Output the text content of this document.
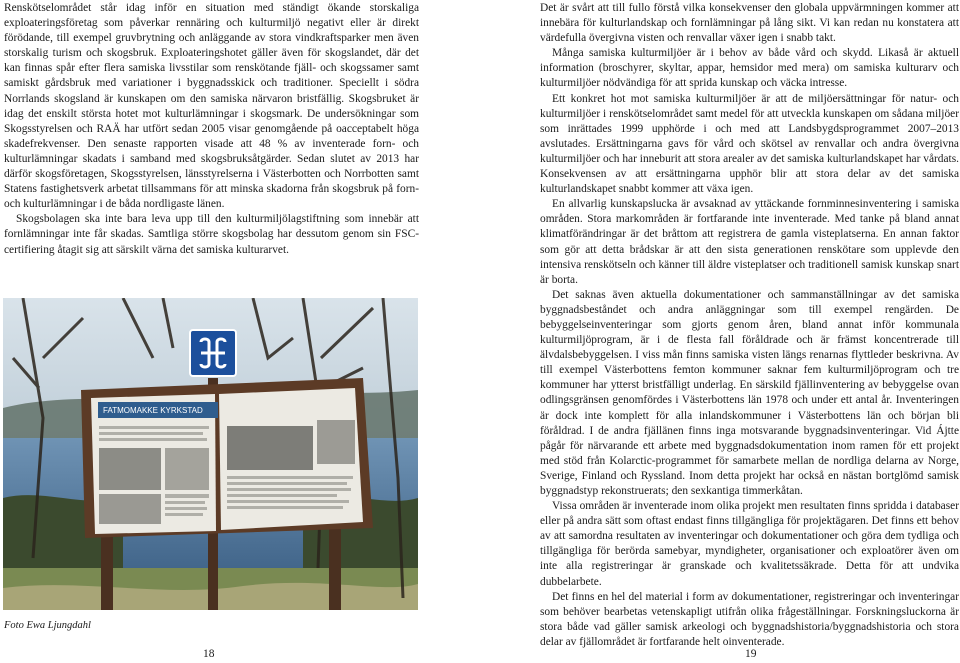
Renskötselområdet står idag inför en situation med ständigt ökande storskaliga exploateringsföretag som påverkar rennäring och kulturmiljö negativt eller är direkt förödande, till exempel gruvbrytning och anläggande av stora vindkraftsparker men även storskalig turism och skogsbruk. Exploateringshotet gäller även för skogslandet, där det kan finnas spår efter flera samiska livsstilar som renskötande fjäll- och skogssamer samt samiskt gårdsbruk med variationer i byggnadsskick och traditioner. Speciellt i södra Norrlands skogsland är kunskapen om den samiska närvaron bristfällig. Skogsbruket är idag det enskilt största hotet mot kulturlämningar i skogsmark. De undersökningar som Skogsstyrelsen och RAÄ har utfört sedan 2005 visar genomgående på oacceptabelt höga skadefrekvenser. Den senaste rapporten visade att 48 % av inventerade forn- och kulturlämningar skadats i samband med skogsbruksåtgärder. Sedan slutet av 2013 har därför skogsföretagen, Skogsstyrelsen, länsstyrelserna i Västerbotten och Norrbotten samt Statens fastighetsverk arbetat tillsammans för att minska skadorna från skogsbruk på forn- och kulturlämningar i de båda nordligaste länen.

Skogsbolagen ska inte bara leva upp till den kulturmiljölagstiftning som innebär att fornlämningar inte får skadas. Samtliga större skogsbolag har dessutom genom sin FSC-certifiering åtagit sig att särskilt värna det samiska kulturarvet.

FATMOMAKKE KYRKSTAD
Foto Ewa Ljungdahl
18

Det är svårt att till fullo förstå vilka konsekvenser den globala uppvärmningen kommer att innebära för kulturlandskap och fornlämningar på lång sikt. Vi kan redan nu konstatera att värdefulla övergivna visten och renvallar växer igen i snabb takt.

Många samiska kulturmiljöer är i behov av både vård och skydd. Likaså är aktuell information (broschyrer, skyltar, appar, hemsidor med mera) om samiska kulturarv och kulturmiljöer nödvändiga för att sprida kunskap och väcka intresse.

Ett konkret hot mot samiska kulturmiljöer är att de miljöersättningar för natur- och kulturmiljöer i renskötselområdet samt medel för att utveckla kunskapen om sådana miljöer som inrättades 1999 upphörde i och med att Landsbygdsprogrammet 2007–2013 avslutades. Ersättningarna gavs för vård och skötsel av renvallar och andra övergivna kulturmiljöer och har inneburit att stora arealer av det samiska kulturlandskapet har vårdats. Konsekvensen av att ersättningarna upphör blir att stora delar av det samiska kulturlandskapet snabbt kommer att växa igen.

En allvarlig kunskapslucka är avsaknad av yttäckande fornminnesinventering i samiska områden. Stora markområden är fortfarande inte inventerade. Med tanke på bland annat klimatförändringar är det bråttom att registrera de gamla visteplatserna. En annan faktor som gör att detta brådskar är att den sista generationen renskötare som upplevde den intensiva renskötseln och känner till äldre visteplatser och traditionell samisk kunskap snart är borta.

Det saknas även aktuella dokumentationer och sammanställningar av det samiska byggnadsbeståndet och andra anläggningar som till exempel rengärden. De bebyggelseinventeringar som gjorts genom åren, bland annat inför kommunala kulturmiljöprogram, är i de flesta fall föråldrade och är främst koncentrerade till älvdalsbebyggelsen. I viss mån finns samiska visten längs renarnas flyttleder beskrivna. Av till exempel Västerbottens femton kommuner saknar fem kulturmiljöprogram och tre kommuner har ytterst bristfälligt underlag. En särskild fjällinventering av bebyggelse ovan odlingsgränsen genomfördes i Västerbottens län 1978 och under ett antal år. Inventeringen är dock inte komplett för alla inlandskommuner i Västerbottens län och början bli föråldrad. I de andra fjällänen finns inga motsvarande byggnadsinventeringar. Vid Ájtte pågår för närvarande ett arbete med byggnadsdokumentation inom ramen för ett projekt med stöd från Kolarctic-programmet för samarbete mellan de nordliga delarna av Norge, Sverige, Finland och Ryssland. Inom detta projekt har också en nästan bortglömd samisk byggnadstyp rekonstruerats; den sexkantiga timmerkåtan.

Vissa områden är inventerade inom olika projekt men resultaten finns spridda i databaser eller på andra sätt som oftast endast finns tillgängliga för projektägaren. Det finns ett behov av att samordna resultaten av inventeringar och dokumentationer och göra dem tydliga och tillgängliga för berörda samebyar, myndigheter, organisationer och exploatörer även om inte alla registreringar är granskade och kvalitetssäkrade. Detta för att undvika dubbelarbete.

Det finns en hel del material i form av dokumentationer, registreringar och inventeringar som behöver bearbetas vetenskapligt utifrån olika frågeställningar. Forskningsluckorna är stora både vad gäller samisk arkeologi och byggnadshistoria/byggnadshistoria och stora delar av fjällområdet är fortfarande helt oinventerade.

19
